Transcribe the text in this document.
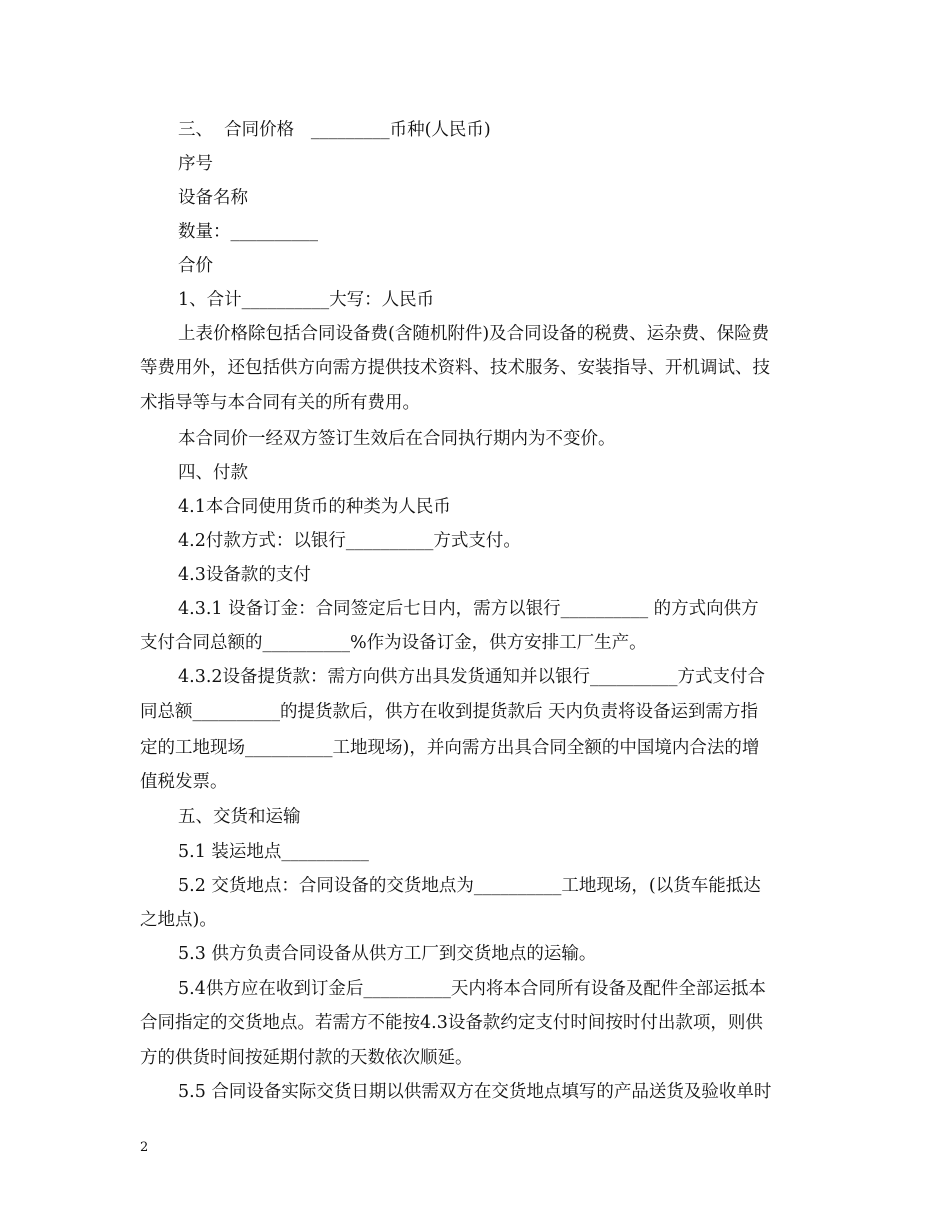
三、  合同价格   _________币种(人民币)
序号
设备名称
数量：__________
合价
1、合计__________大写：人民币
上表价格除包括合同设备费(含随机附件)及合同设备的税费、运杂费、保险费
等费用外，还包括供方向需方提供技术资料、技术服务、安装指导、开机调试、技
术指导等与本合同有关的所有费用。
本合同价一经双方签订生效后在合同执行期内为不变价。
四、付款
4.1本合同使用货币的种类为人民币
4.2付款方式：以银行__________方式支付。
4.3设备款的支付
4.3.1 设备订金：合同签定后七日内，需方以银行__________ 的方式向供方
支付合同总额的__________%作为设备订金，供方安排工厂生产。
4.3.2设备提货款：需方向供方出具发货通知并以银行__________方式支付合
同总额__________的提货款后，供方在收到提货款后 天内负责将设备运到需方指
定的工地现场__________工地现场)，并向需方出具合同全额的中国境内合法的增
值税发票。
五、交货和运输
5.1 装运地点__________
5.2 交货地点：合同设备的交货地点为__________工地现场，(以货车能抵达
之地点)。
5.3 供方负责合同设备从供方工厂到交货地点的运输。
5.4供方应在收到订金后__________天内将本合同所有设备及配件全部运抵本
合同指定的交货地点。若需方不能按4.3设备款约定支付时间按时付出款项，则供
方的供货时间按延期付款的天数依次顺延。
5.5 合同设备实际交货日期以供需双方在交货地点填写的产品送货及验收单时
2
